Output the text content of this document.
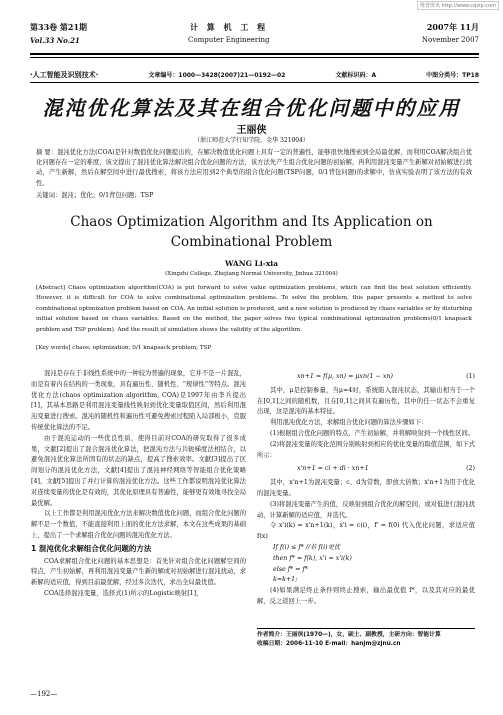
维普资讯 http://www.cqvip.com
第33卷 第21期	计 算 机 工 程	2007年 11月
Vol.33 No.21	Computer Engineering	November 2007
·人工智能及识别技术·	文章编号：1000—3428(2007)21—0192—02	文献标识码：A	中图分类号：TP18
混沌优化算法及其在组合优化问题中的应用
王丽侠
（浙江师范大学行知学院，金华 321004）
摘 要：混沌优化方法(COA)是针对数值优化问题提出的，在解决数值优化问题上具有一定的普遍性，能够很快地搜索到全局最优解，而利用COA解决组合优化问题存在一定的难度，该文提出了混沌优化算法解决组合优化问题的方法，该方法先产生组合优化问题的初始解，再利用混沌变量产生新解对初始解进行扰动，产生新解，然后在解空间中进行最优搜索，将该方法应用到2个典型的组合优化问题(TSP问题，0/1背包问题)的求解中，仿真实验表明了该方法的有效性。
关键词：混沌；优化；0/1背包问题；TSP
Chaos Optimization Algorithm and Its Application on
Combinational Problem
WANG Li-xia
(Xingzhi College, Zhejiang Normal University, Jinhua 321004)
[Abstract] Chaos optimization algorithm(COA) is put forward to solve value optimization problems, which can find the best solution efficiently. However, it is difficult for COA to solve combinational optimization problems. To solve the problem, this paper presents a method to solve combinational optimization problem based on COA. An initial solution is produced, and a new solution is produced by chaos variables or by disturbing initial solution based on chaos variables. Based on the method, the paper solves two typical combinational optimization problems(0/1 knapsack problem and TSP problem). And the result of simulation shows the validity of the algorithm.
[Key words] chaos; optimization; 0/1 knapsack problem; TSP

混沌是存在于非线性系统中的一种较为普遍的现象，它并不是一片混乱，而是有着内在结构的一类现象，具有遍历性、随机性、“规律性”等特点。混沌优化方法(chaos optimization algorithm, COA)是1997年由李兵提出[1]，其基本思路是利用混沌变量线性映射到优化变量取值区间，然后利用混沌变量进行搜索。混沌的随机性和遍历性可避免搜索过程陷入局部极小，克服传统优化算法的不足。

由于混沌运动的一些优良性质，使得目前对COA的研究取得了很多成果，文献[2]提出了混合混沌优化算法，把混沌方法与共轭梯度法相结合，以避免混沌优化算法所固有的状态的缺点，提高了搜索效率。文献[3]提出了区间划分的混沌优化方法，文献[4]提出了混沌神经网络等智能组合优化策略[4]，文献[5]提出了并行计算的混沌优化方法。这些工作都说明混沌优化算法对连续变量的优化是有效的，其优化原理具有普遍性，能够更有效地寻找全局最优解。

以上工作都是利用混沌优化方法来解决数值优化问题，而组合优化问题的解不是一个数值，不能直接利用上面的优化方法求解，本文在这些成果的基础上，提出了一个求解组合优化问题的混沌优化方法。

1 混沌优化求解组合优化问题的方法

COA求解组合优化问题的基本思想是：首先针对组合优化问题解空间的特点，产生初始解，再利用混沌变量产生新的解或对初始解进行混沌扰动，求新解的适应值，得到目前最优解，经过多次迭代，求出全局最优值。

COA选择混沌变量，选择式(1)所示的Logistic映射[1]，

xn+1 = f(μ, xn) = μxn(1 − xn)	(1)

其中，μ是控制参量，当μ=4时，系统陷入混沌状态，其输出相当于一个在[0,1]之间的随机数，且在[0,1]之间具有遍历性，其中的任一状态不会重复出现，这是混沌的基本特征。

利用混沌优化方法，求解组合优化问题的算法步骤如下：

(1)根据组合优化问题的特点，产生初始解，并将解映射到一个线性区间。

(2)将混沌变量的变化范围分别映射到相应的优化变量的取值范围，如下式所示：

x'n+1 = ci + di · xn+1	(2)

其中，x'n+1为混沌变量；c、d为常数，即放大倍数；x'n+1为用于优化的混沌变量。

(3)将混沌变量产生的值，反映射到组合优化的解空间，或对低进行混沌扰动，计算新解的适应值，并选代。

令 x'i(k) = x'n+1(k)，x'i = c(i)，f' = f(0) 代入优化问题，求适应值 f(x)

If f(i) ≤ f* //若 f(i)更优
then f* = f(k), x'i = x'i(k)
else f* = f*
k=k+1;

(4)如果满足终止条件则终止搜索，输出最优值 f*，以及其对应的最优解，反之返回上一步。

作者简介：王丽侠(1970—)，女，硕士、副教授，主研方向：智能计算
收稿日期：2006-11-10 E-mail：hanjm@zjnu.cn
—192—
